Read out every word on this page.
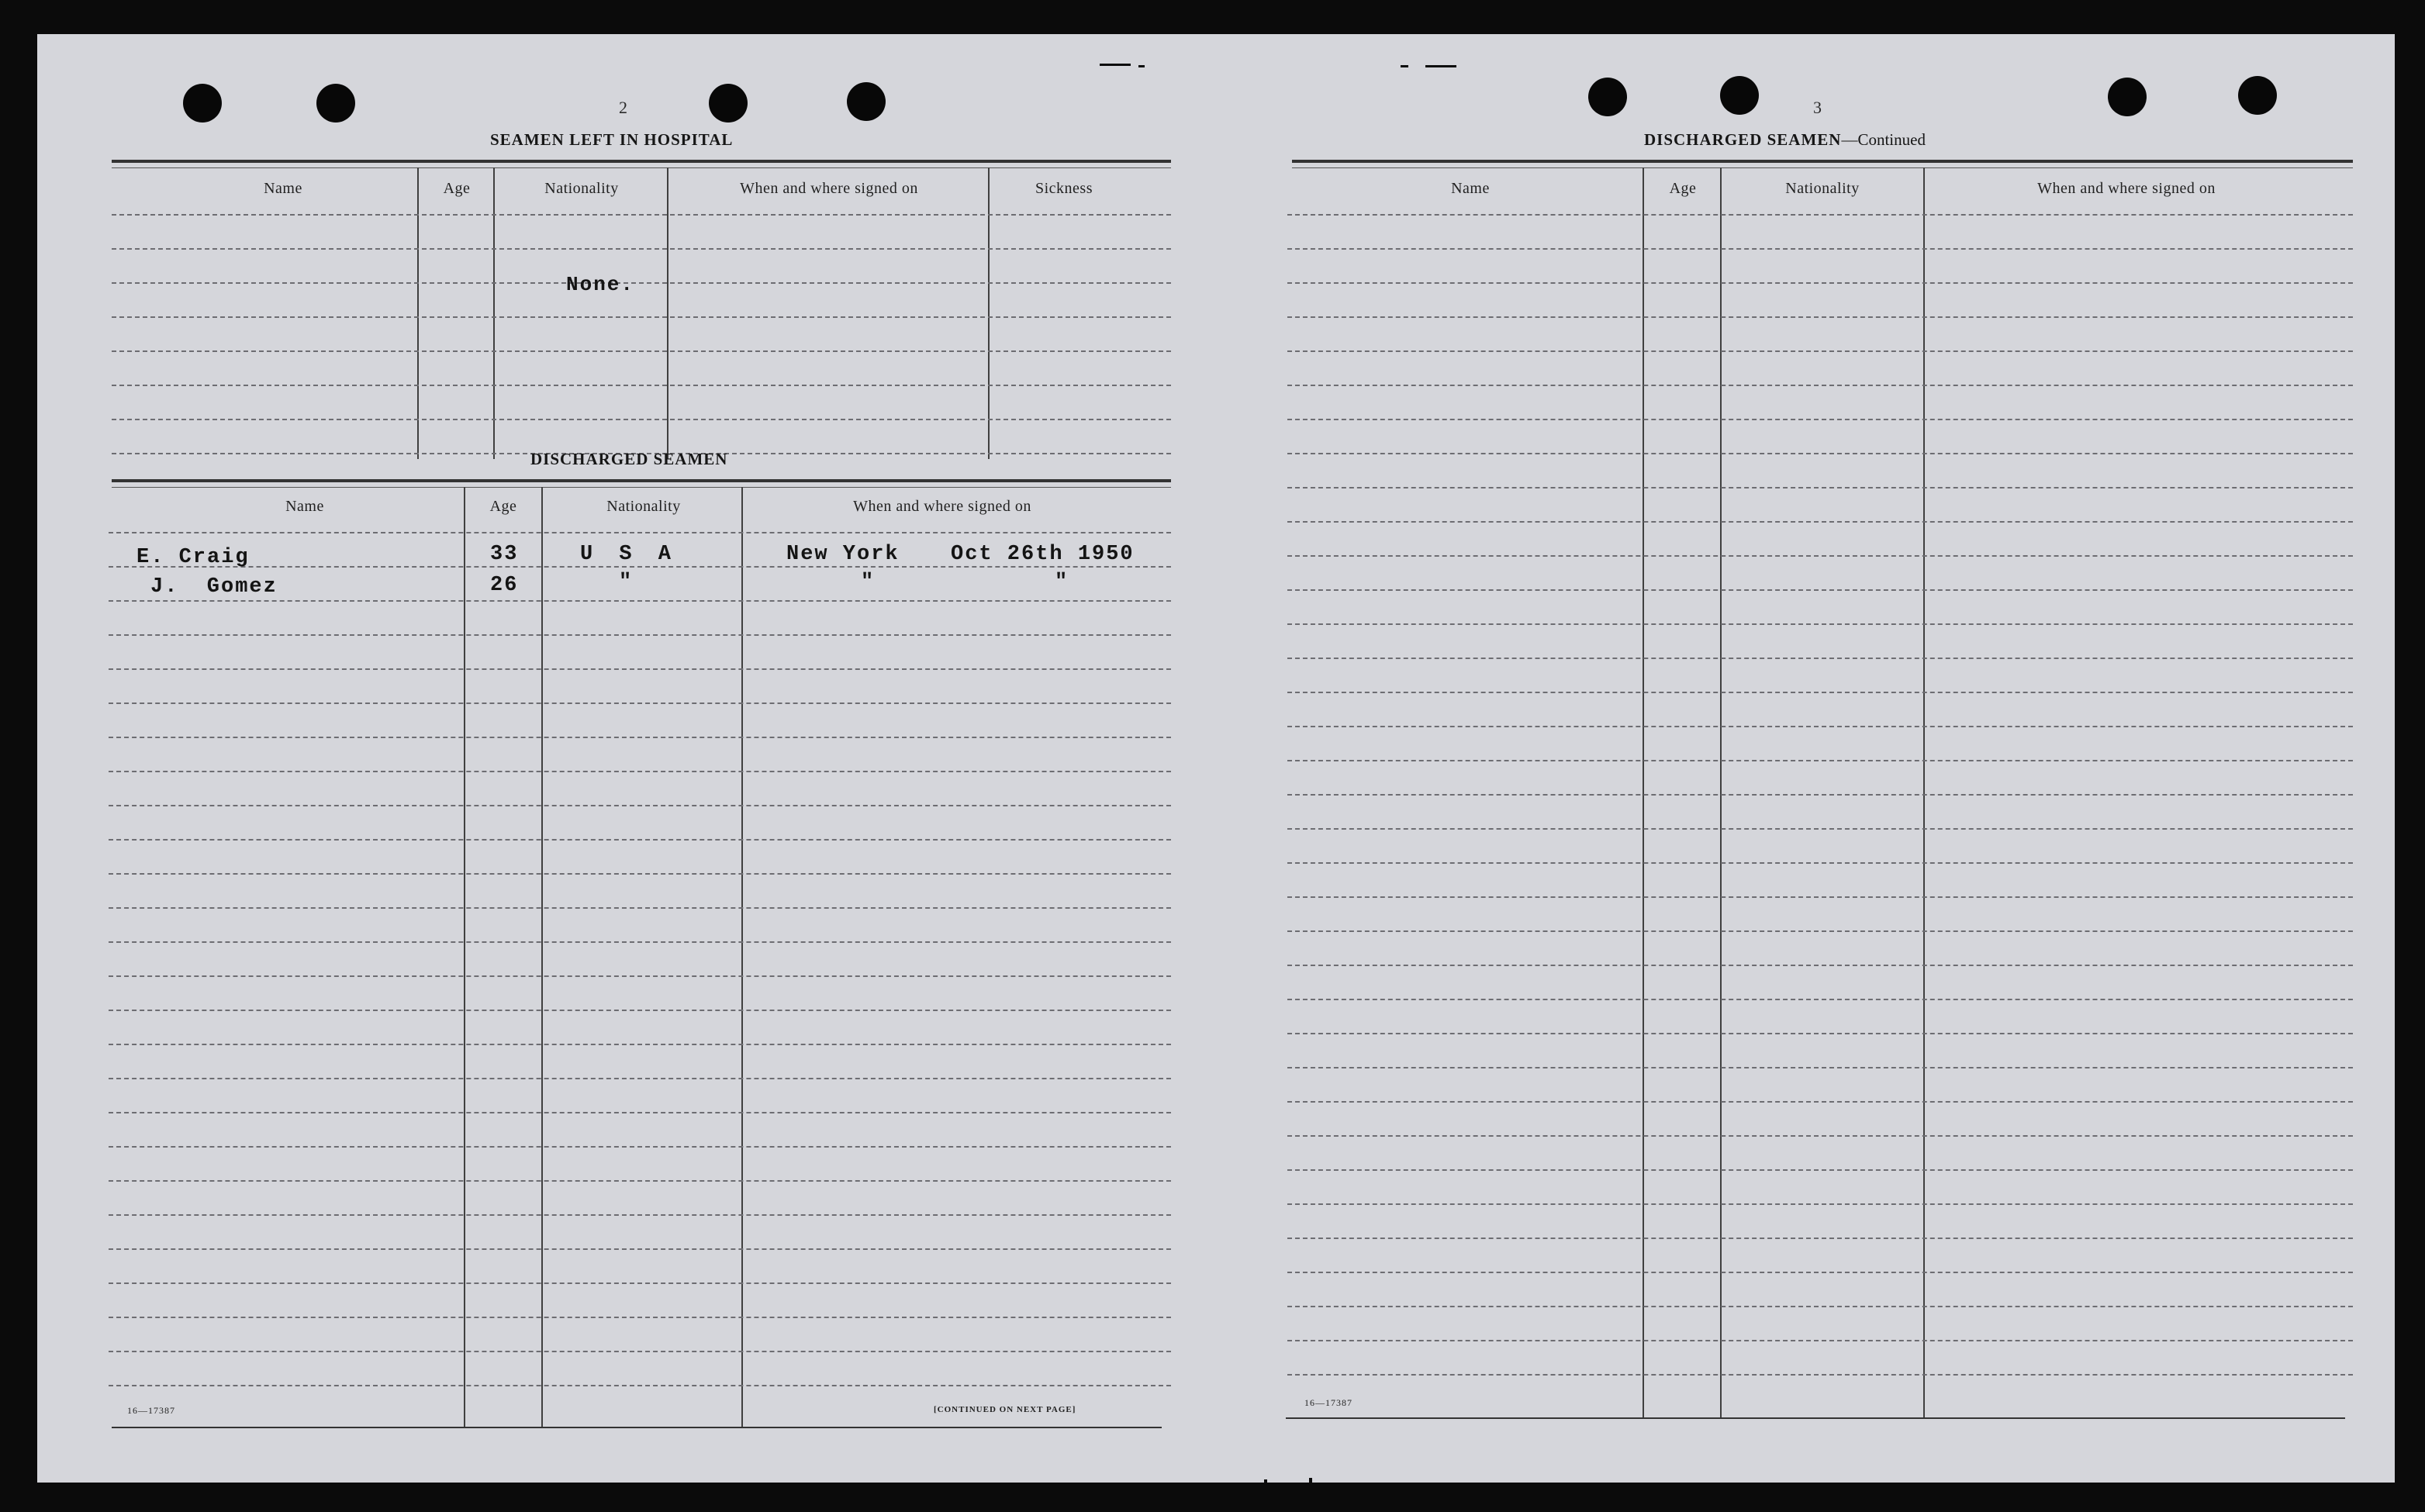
2
SEAMEN LEFT IN HOSPITAL
Name	Age	Nationality	When and where signed on	Sickness
None.
DISCHARGED SEAMEN
Name	Age	Nationality	When and where signed on
E. Craig	33	U S A	New York Oct 26th 1950
J.  Gomez	26	"	"	"
16—17387	[CONTINUED ON NEXT PAGE]
3
DISCHARGED SEAMEN—Continued
Name	Age	Nationality	When and where signed on
16—17387
